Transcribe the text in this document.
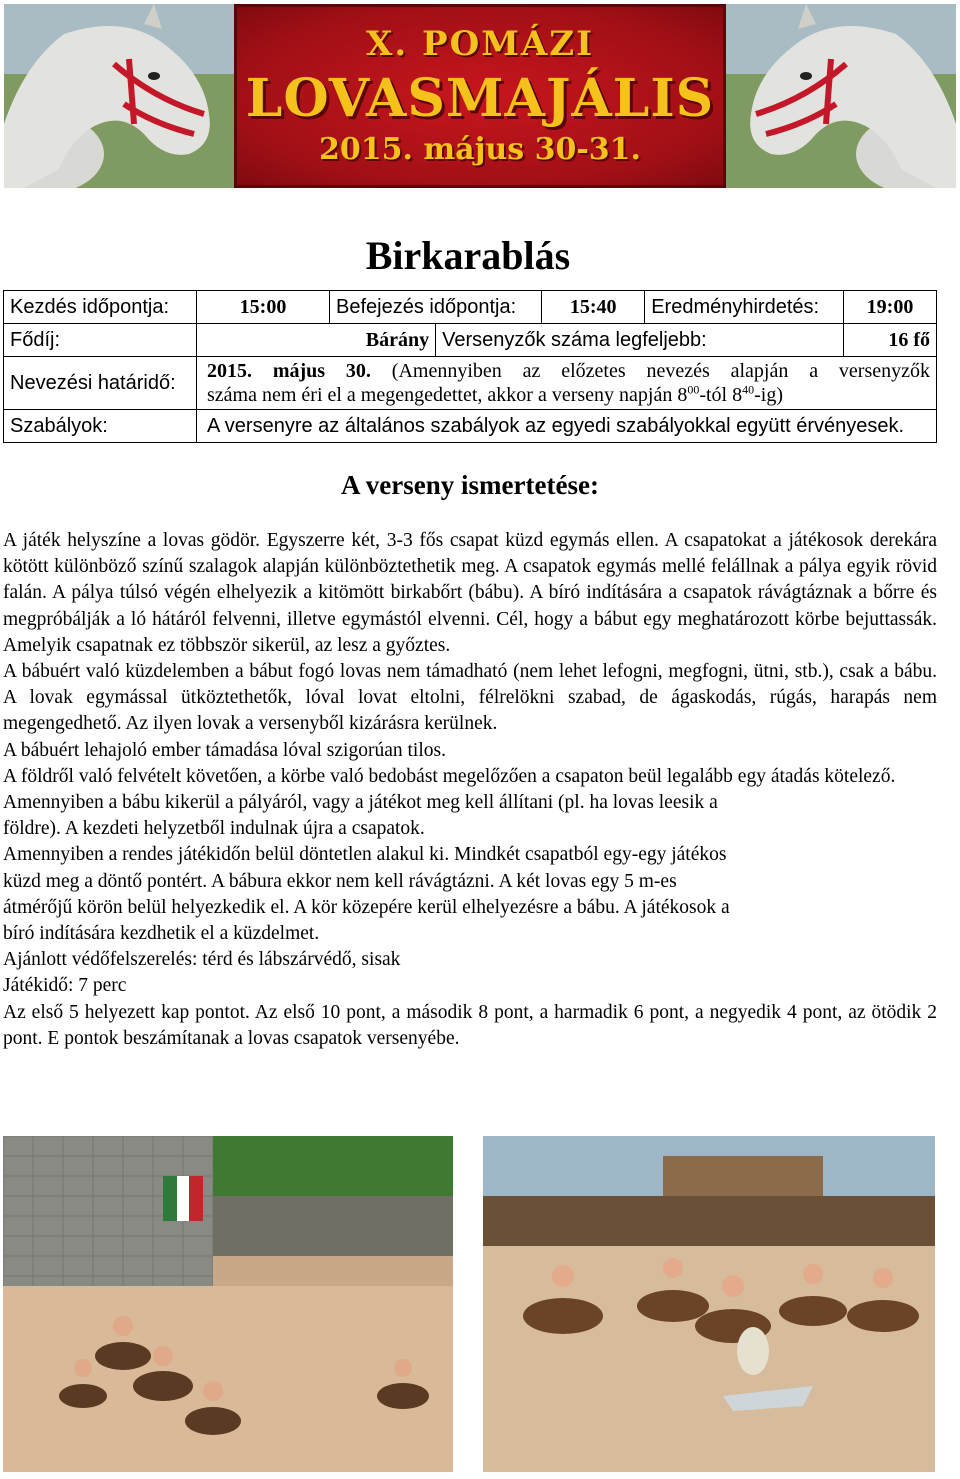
X. POMÁZI
LOVASMAJÁLIS
2015. május 30-31.
Birkarablás
Kezdés időpontja:	15:00	Befejezés időpontja:		15:40	Eredményhirdetés:	19:00
Fődíj:	Bárány		Versenyzők száma legfeljebb:			16 fő
Nevezési határidő:	2015. május 30. (Amennyiben az előzetes nevezés alapján a versenyzők
száma nem éri el a megengedettet, akkor a verseny napján $8^{00}$-tól $8^{40}-ig$)					

Szabályok:	A versenyre az általános szabályok az egyedi szabályokkal együtt érvényesek.					
A verseny ismertetése:

A játék helyszíne a lovas gödör. Egyszerre két, 3-3 fős csapat küzd egymás ellen. A csapatokat a játékosok derekára kötött különböző színű szalagok alapján különböztethetik meg. A csapatok egymás mellé felállnak a pálya egyik rövid falán. A pálya túlsó végén elhelyezik a kitömött birkabőrt (bábu). A bíró indítására a csapatok rávágtáznak a bőrre és megpróbálják a ló hátáról felvenni, illetve egymástól elvenni. Cél, hogy a bábut egy meghatározott körbe bejuttassák. Amelyik csapatnak ez többször sikerül, az lesz a győztes.

A bábuért való küzdelemben a bábut fogó lovas nem támadható (nem lehet lefogni, megfogni, ütni, stb.), csak a bábu. A lovak egymással ütköztethetők, lóval lovat eltolni, félrelökni szabad, de ágaskodás, rúgás, harapás nem megengedhető. Az ilyen lovak a versenyből kizárásra kerülnek.

A bábuért lehajoló ember támadása lóval szigorúan tilos.

A földről való felvételt követően, a körbe való bedobást megelőzően a csapaton beül legalább egy átadás kötelező.

Amennyiben a bábu kikerül a pályáról, vagy a játékot meg kell állítani (pl. ha lovas leesik a

földre). A kezdeti helyzetből indulnak újra a csapatok.

Amennyiben a rendes játékidőn belül döntetlen alakul ki. Mindkét csapatból egy-egy játékos

küzd meg a döntő pontért. A bábura ekkor nem kell rávágtázni. A két lovas egy 5 m-es

átmérőjű körön belül helyezkedik el. A kör közepére kerül elhelyezésre a bábu. A játékosok a

bíró indítására kezdhetik el a küzdelmet.

Ajánlott védőfelszerelés: térd és lábszárvédő, sisak

Játékidő: 7 perc

Az első 5 helyezett kap pontot. Az első 10 pont, a második 8 pont, a harmadik 6 pont, a negyedik 4 pont, az ötödik 2 pont. E pontok beszámítanak a lovas csapatok versenyébe.
